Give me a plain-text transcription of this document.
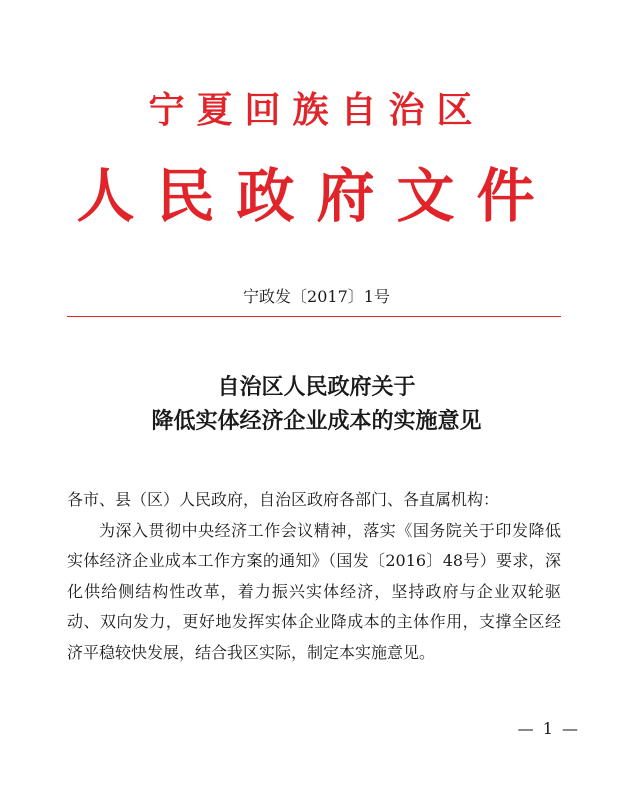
宁夏回族自治区
人民政府文件
宁政发〔2017〕1号
自治区人民政府关于
降低实体经济企业成本的实施意见

各市、县（区）人民政府，自治区政府各部门、各直属机构：

为深入贯彻中央经济工作会议精神，落实《国务院关于印发降低实体经济企业成本工作方案的通知》（国发〔2016〕48号）要求，深化供给侧结构性改革，着力振兴实体经济，坚持政府与企业双轮驱动、双向发力，更好地发挥实体企业降成本的主体作用，支撑全区经济平稳较快发展，结合我区实际，制定本实施意见。

— 1 —
